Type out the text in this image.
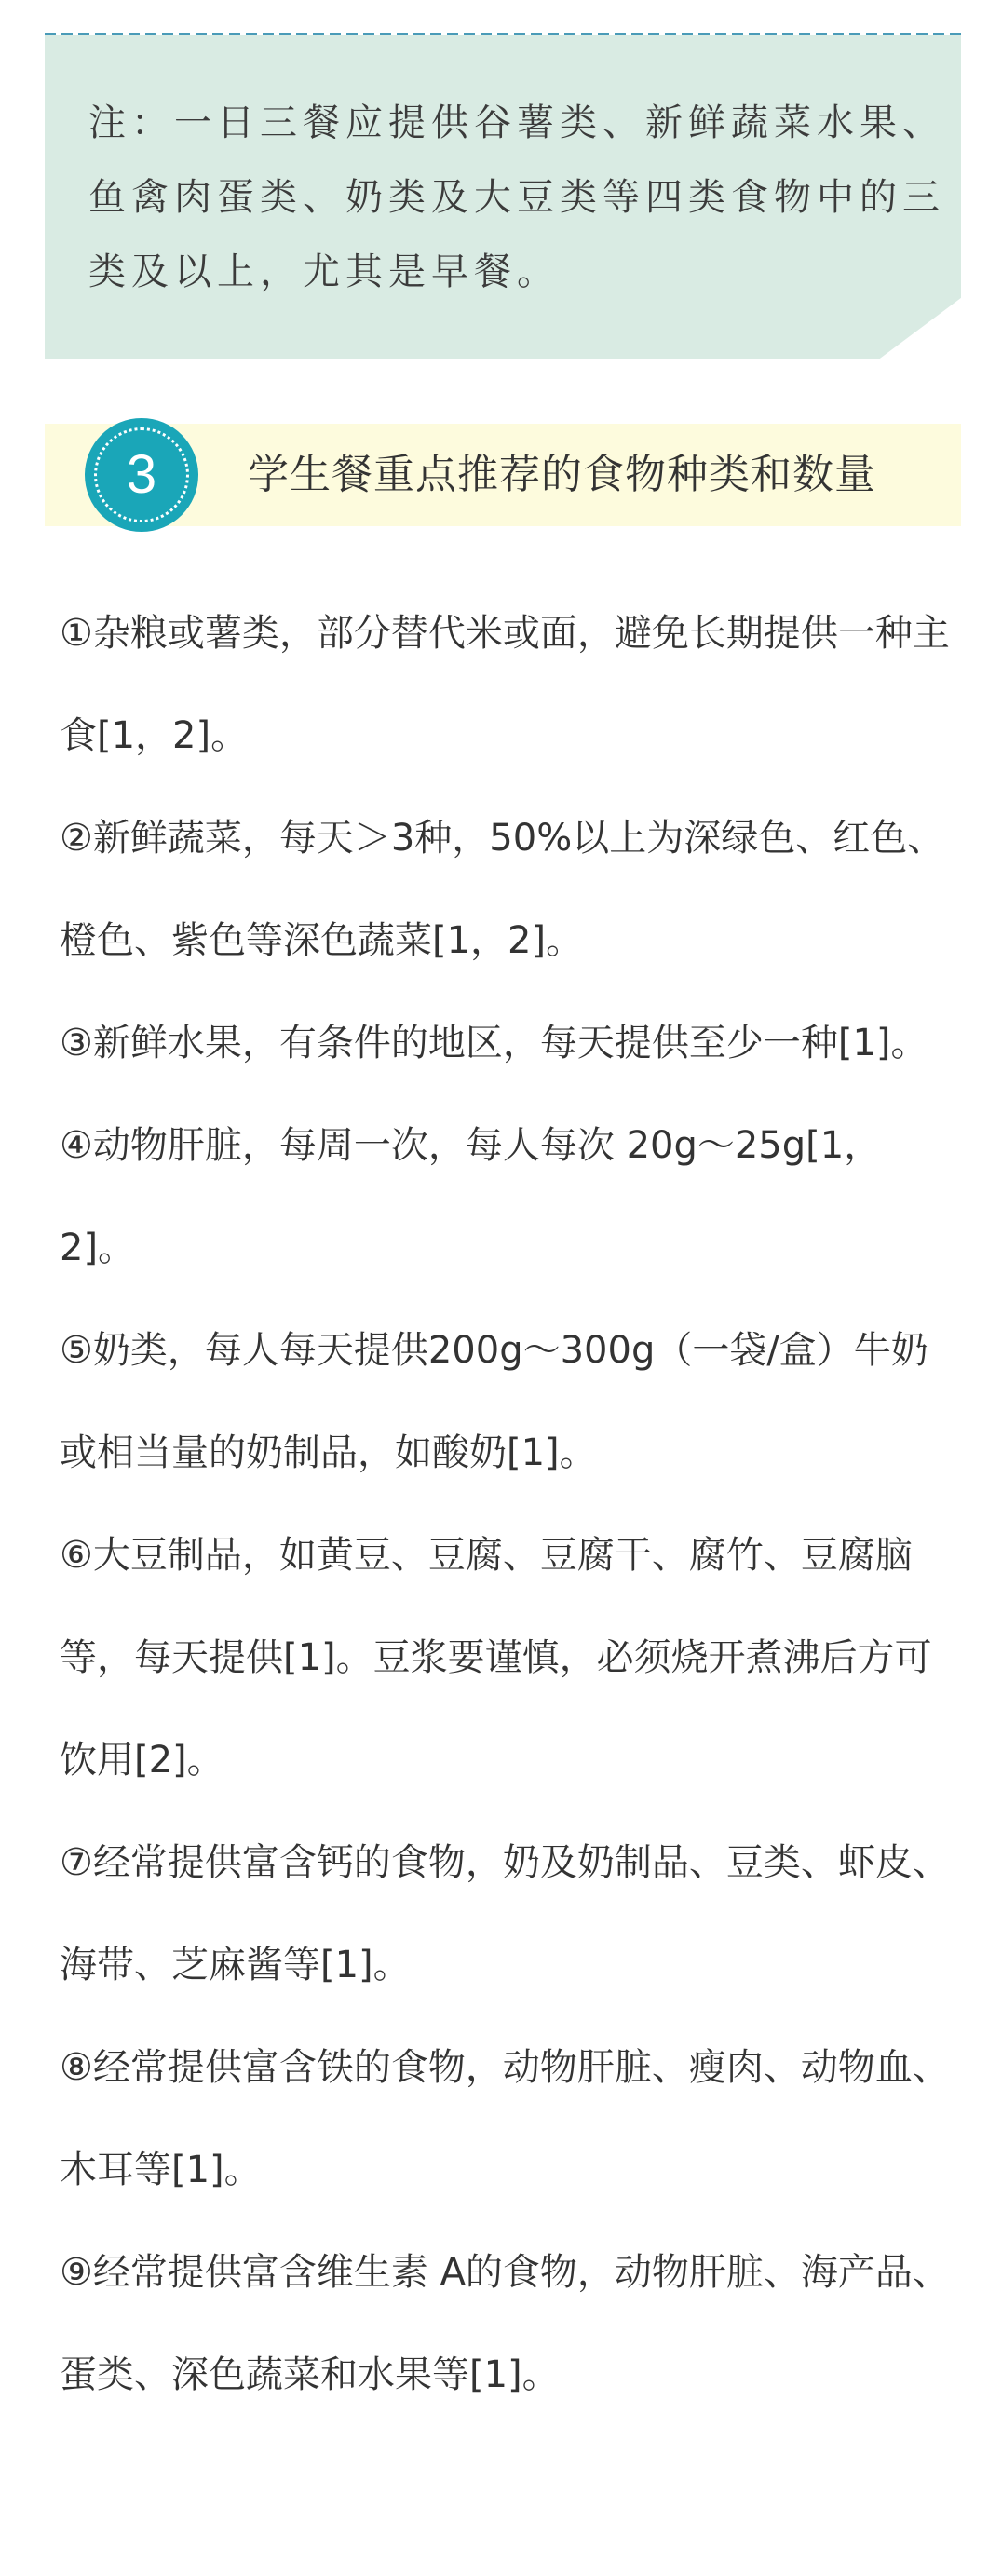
注：一日三餐应提供谷薯类、新鲜蔬菜水果、鱼禽肉蛋类、奶类及大豆类等四类食物中的三类及以上，尤其是早餐。

3	学生餐重点推荐的食物种类和数量
①杂粮或薯类，部分替代米或面，避免长期提供一种主食[1，2]。
②新鲜蔬菜，每天＞3种，50%以上为深绿色、红色、橙色、紫色等深色蔬菜[1，2]。
③新鲜水果，有条件的地区，每天提供至少一种[1]。
④动物肝脏，每周一次，每人每次 20g～25g[1，2]。
⑤奶类，每人每天提供200g～300g（一袋/盒）牛奶或相当量的奶制品，如酸奶[1]。
⑥大豆制品，如黄豆、豆腐、豆腐干、腐竹、豆腐脑等，每天提供[1]。豆浆要谨慎，必须烧开煮沸后方可饮用[2]。
⑦经常提供富含钙的食物，奶及奶制品、豆类、虾皮、海带、芝麻酱等[1]。
⑧经常提供富含铁的食物，动物肝脏、瘦肉、动物血、木耳等[1]。
⑨经常提供富含维生素 A的食物，动物肝脏、海产品、蛋类、深色蔬菜和水果等[1]。
